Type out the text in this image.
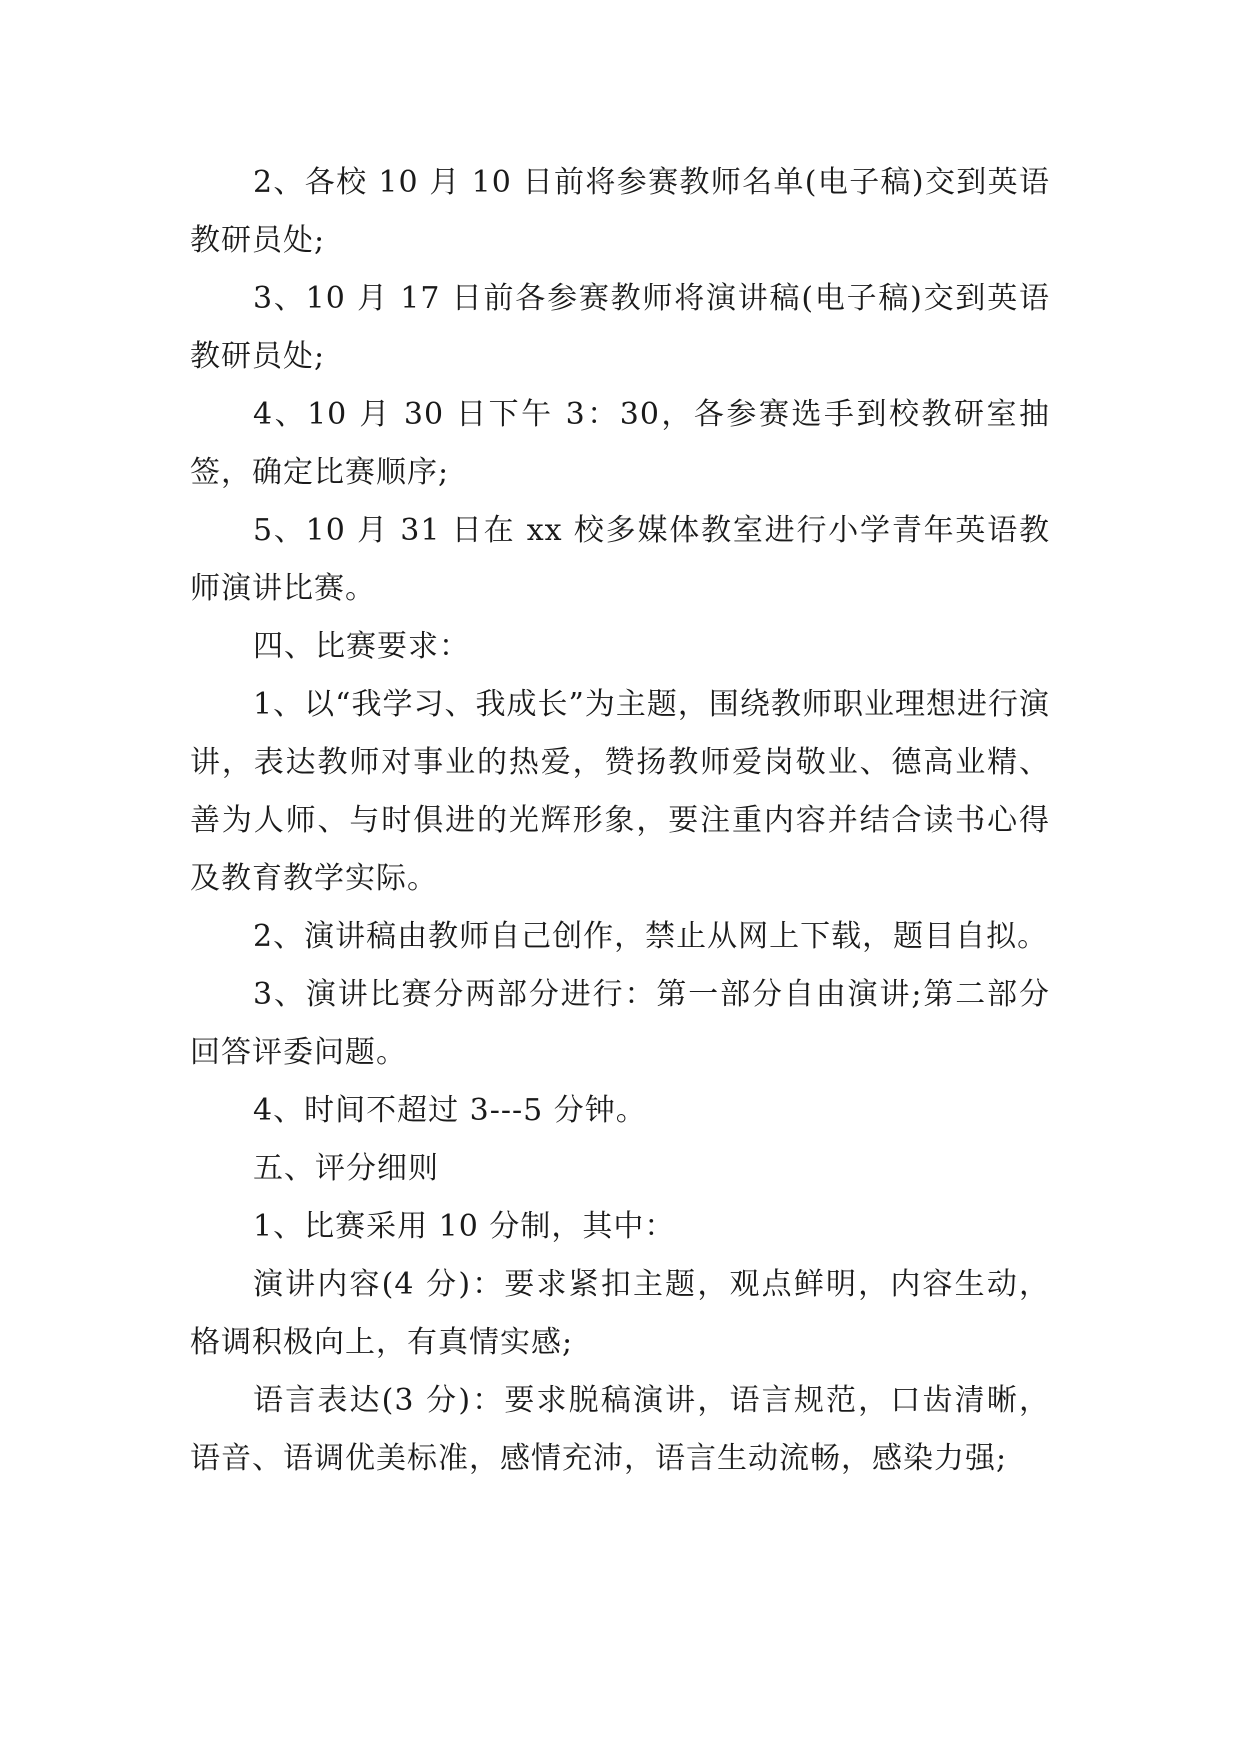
2、各校 10 月 10 日前将参赛教师名单(电子稿)交到英语教研员处;

3、10 月 17 日前各参赛教师将演讲稿(电子稿)交到英语教研员处;

4、10 月 30 日下午 3：30，各参赛选手到校教研室抽签，确定比赛顺序;

5、10 月 31 日在 xx 校多媒体教室进行小学青年英语教师演讲比赛。

四、比赛要求：

1、以“我学习、我成长”为主题，围绕教师职业理想进行演讲，表达教师对事业的热爱，赞扬教师爱岗敬业、德高业精、善为人师、与时俱进的光辉形象，要注重内容并结合读书心得及教育教学实际。

2、演讲稿由教师自己创作，禁止从网上下载，题目自拟。

3、演讲比赛分两部分进行：第一部分自由演讲;第二部分回答评委问题。

4、时间不超过 3---5 分钟。

五、评分细则

1、比赛采用 10 分制，其中：

演讲内容(4 分)：要求紧扣主题，观点鲜明，内容生动，格调积极向上，有真情实感;

语言表达(3 分)：要求脱稿演讲，语言规范，口齿清晰，语音、语调优美标准，感情充沛，语言生动流畅，感染力强;
